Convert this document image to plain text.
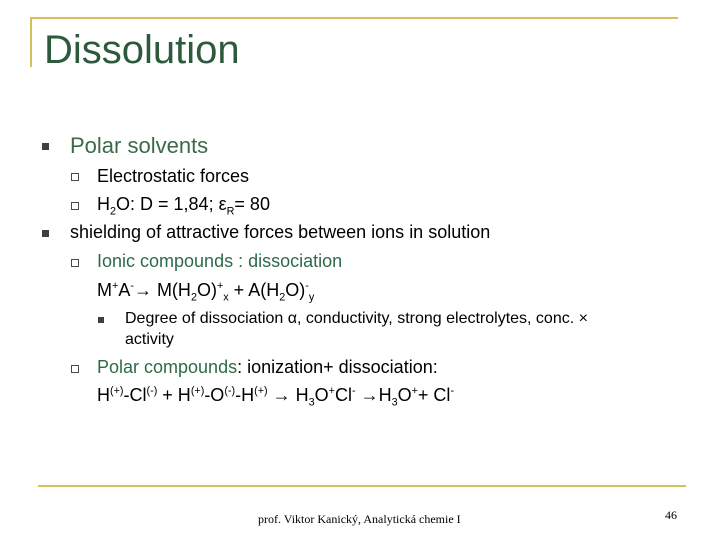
Dissolution
Polar solvents
Electrostatic forces
$H_2O$: D = 1,84; $\varepsilon_R= 80$
shielding of attractive forces between ions in solution
Ionic compounds : dissociation
$M^+A^-\to M(H_2O)^+_x + A(H_2O)^-_y$
Degree of dissociation α, conductivity, strong electrolytes, conc. ×
activity
Polar compounds: ionization+ dissociation:
$H^{(+)}-Cl^{(-)} + H^{(+)}-O^{(-)}-H^{(+)} \to H_3O^+Cl^- \to H_3O^++ Cl^-$
prof. Viktor Kanický, Analytická chemie I	46
